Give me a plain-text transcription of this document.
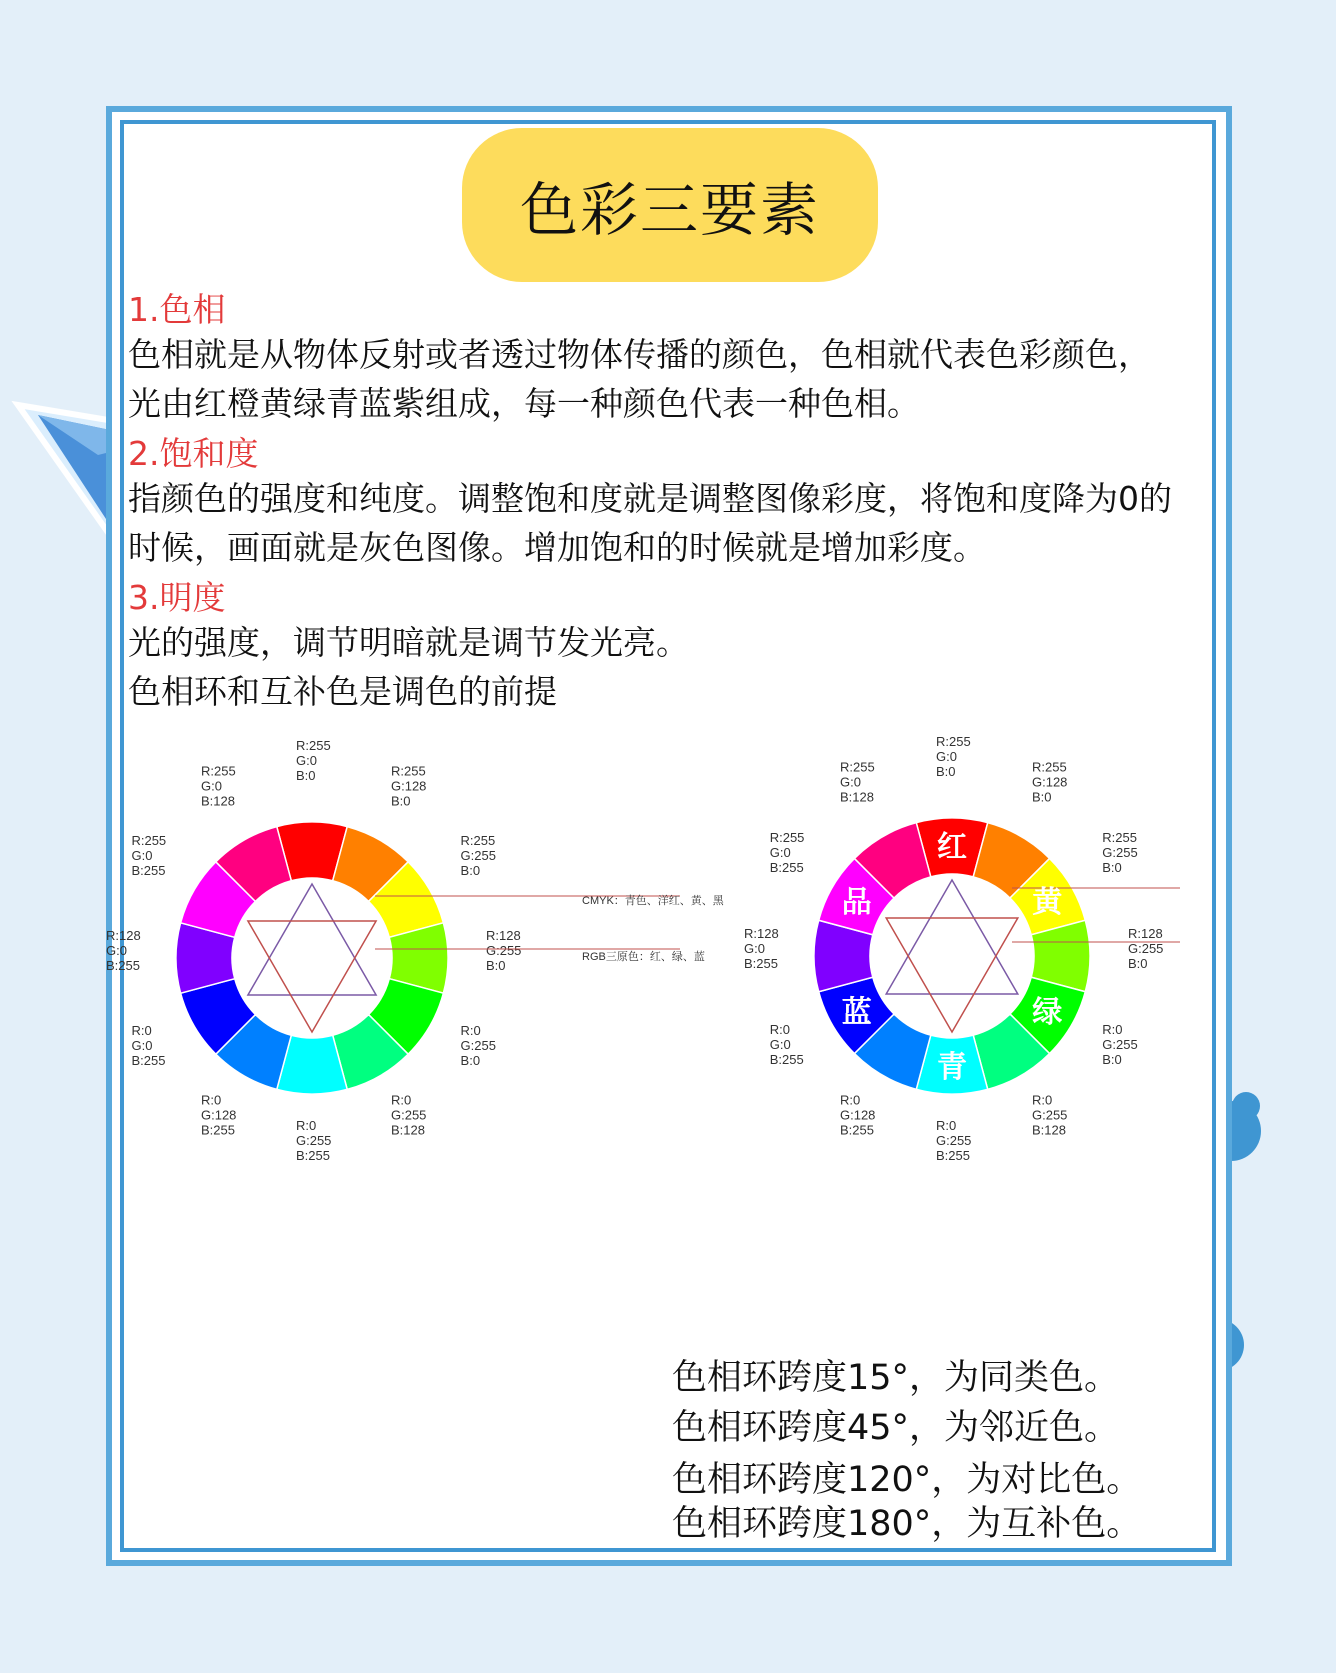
色彩三要素
1.色相
色相就是从物体反射或者透过物体传播的颜色，色相就代表色彩颜色，
光由红橙黄绿青蓝紫组成，每一种颜色代表一种色相。
2.饱和度
指颜色的强度和纯度。调整饱和度就是调整图像彩度，将饱和度降为0的
时候，画面就是灰色图像。增加饱和的时候就是增加彩度。
3.明度
光的强度，调节明暗就是调节发光亮。
色相环和互补色是调色的前提
R:255 G:0 B:0	R:255 G:128 B:0
R:255 G:255 B:0
R:128 G:255 B:0
R:0 G:255 B:0
R:0 G:255 B:128
R:0 G:255 B:255
R:0 G:128 B:255
R:0 G:0 B:255
R:128 G:0 B:255
R:255 G:0 B:255
R:255 G:0 B:128
RGB三原色：红、绿、蓝
CMYK：青色、洋红、黄、黑
R:255 G:0 B:0	R:255 G:128 B:0
R:255 G:255 B:0
R:128 G:255 B:0
R:0 G:255 B:0
R:0 G:255 B:128
R:0 G:255 B:255
R:0 G:128 B:255
R:0 G:0 B:255
R:128 G:0 B:255
R:255 G:0 B:255
R:255 G:0 B:128
红
黄
绿
青
蓝
品
色相环跨度15°，为同类色。
色相环跨度45°，为邻近色。
色相环跨度120°，为对比色。
色相环跨度180°，为互补色。
